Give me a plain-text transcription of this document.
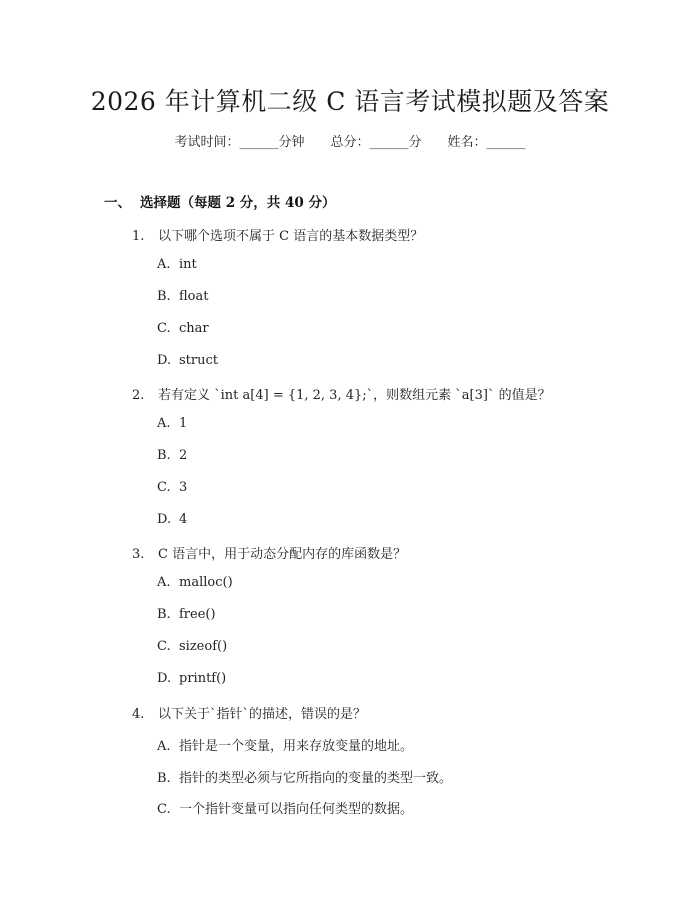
2026 年计算机二级 C 语言考试模拟题及答案
考试时间：______分钟 总分：______分 姓名：______
一、 选择题（每题 2 分，共 40 分）
1. 以下哪个选项不属于 C 语言的基本数据类型？
A. int
B. float
C. char
D. struct
2. 若有定义 `int a[4] = {1, 2, 3, 4};`，则数组元素 `a[3]` 的值是？
A. 1
B. 2
C. 3
D. 4
3. C 语言中，用于动态分配内存的库函数是？
A. malloc()
B. free()
C. sizeof()
D. printf()
4. 以下关于`指针`的描述，错误的是？
A. 指针是一个变量，用来存放变量的地址。
B. 指针的类型必须与它所指向的变量的类型一致。
C. 一个指针变量可以指向任何类型的数据。
